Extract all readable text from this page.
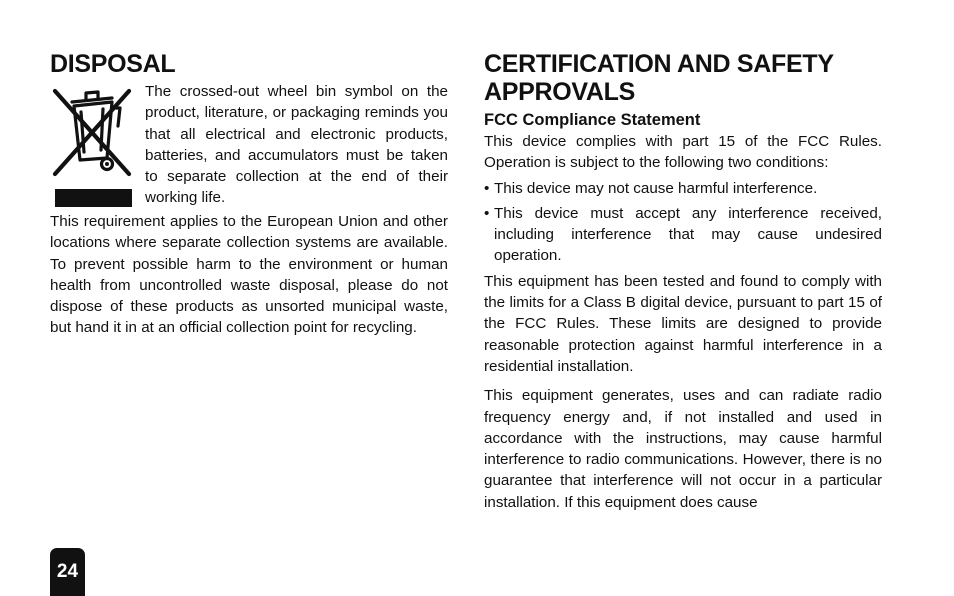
DISPOSAL

The crossed-out wheel bin symbol on the product, literature, or packaging reminds you that all electrical and electronic products, batteries, and accumulators must be taken to separate collection at the end of their working life.

This requirement applies to the European Union and other locations where separate collection systems are available. To prevent possible harm to the environment or human health from uncontrolled waste disposal, please do not dispose of these products as unsorted municipal waste, but hand it in at an official collection point for recycling.

CERTIFICATION AND SAFETY APPROVALS
FCC Compliance Statement

This device complies with part 15 of the FCC Rules. Operation is subject to the following two conditions:

• This device may not cause harmful interference.
• This device must accept any interference received, including interference that may cause undesired operation.

This equipment has been tested and found to comply with the limits for a Class B digital device, pursuant to part 15 of the FCC Rules. These limits are designed to provide reasonable protection against harmful interference in a residential installation.

This equipment generates, uses and can radiate radio frequency energy and, if not installed and used in accordance with the instructions, may cause harmful interference to radio communications. However, there is no guarantee that interference will not occur in a particular installation. If this equipment does cause

24
